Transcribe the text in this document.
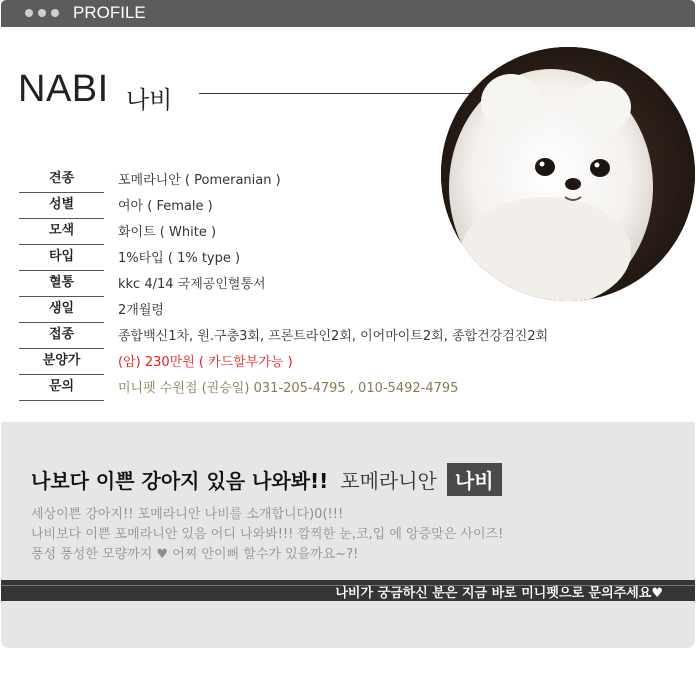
PROFILE
NABI 나비
견종	포메라니안 ( Pomeranian )
성별	여아 ( Female )
모색	화이트 ( White )
타입	1%타입 ( 1% type )
혈통	kkc 4/14 국제공인혈통서
생일	2개월령
접종	종합백신1차, 원.구충3회, 프론트라인2회, 이어마이트2회, 종합건강검진2회
분양가	(암) 230만원 ( 카드할부가능 )
문의	미니펫 수원점 (권승일) 031-205-4795 , 010-5492-4795
나보다 이쁜 강아지 있음 나와봐!! 포메라니안 나비
세상이쁜 강아지!! 포메라니안 나비를 소개합니다)0(!!!
나비보다 이쁜 포메라니안 있음 어디 나와봐!!! 깜찍한 눈,코,입 에 앙증맞은 사이즈!
풍성 풍성한 모량까지 ♥ 어찌 안이뻐 할수가 있을까요~?!
나비가 궁금하신 분은 지금 바로 미니펫으로 문의주세요♥
